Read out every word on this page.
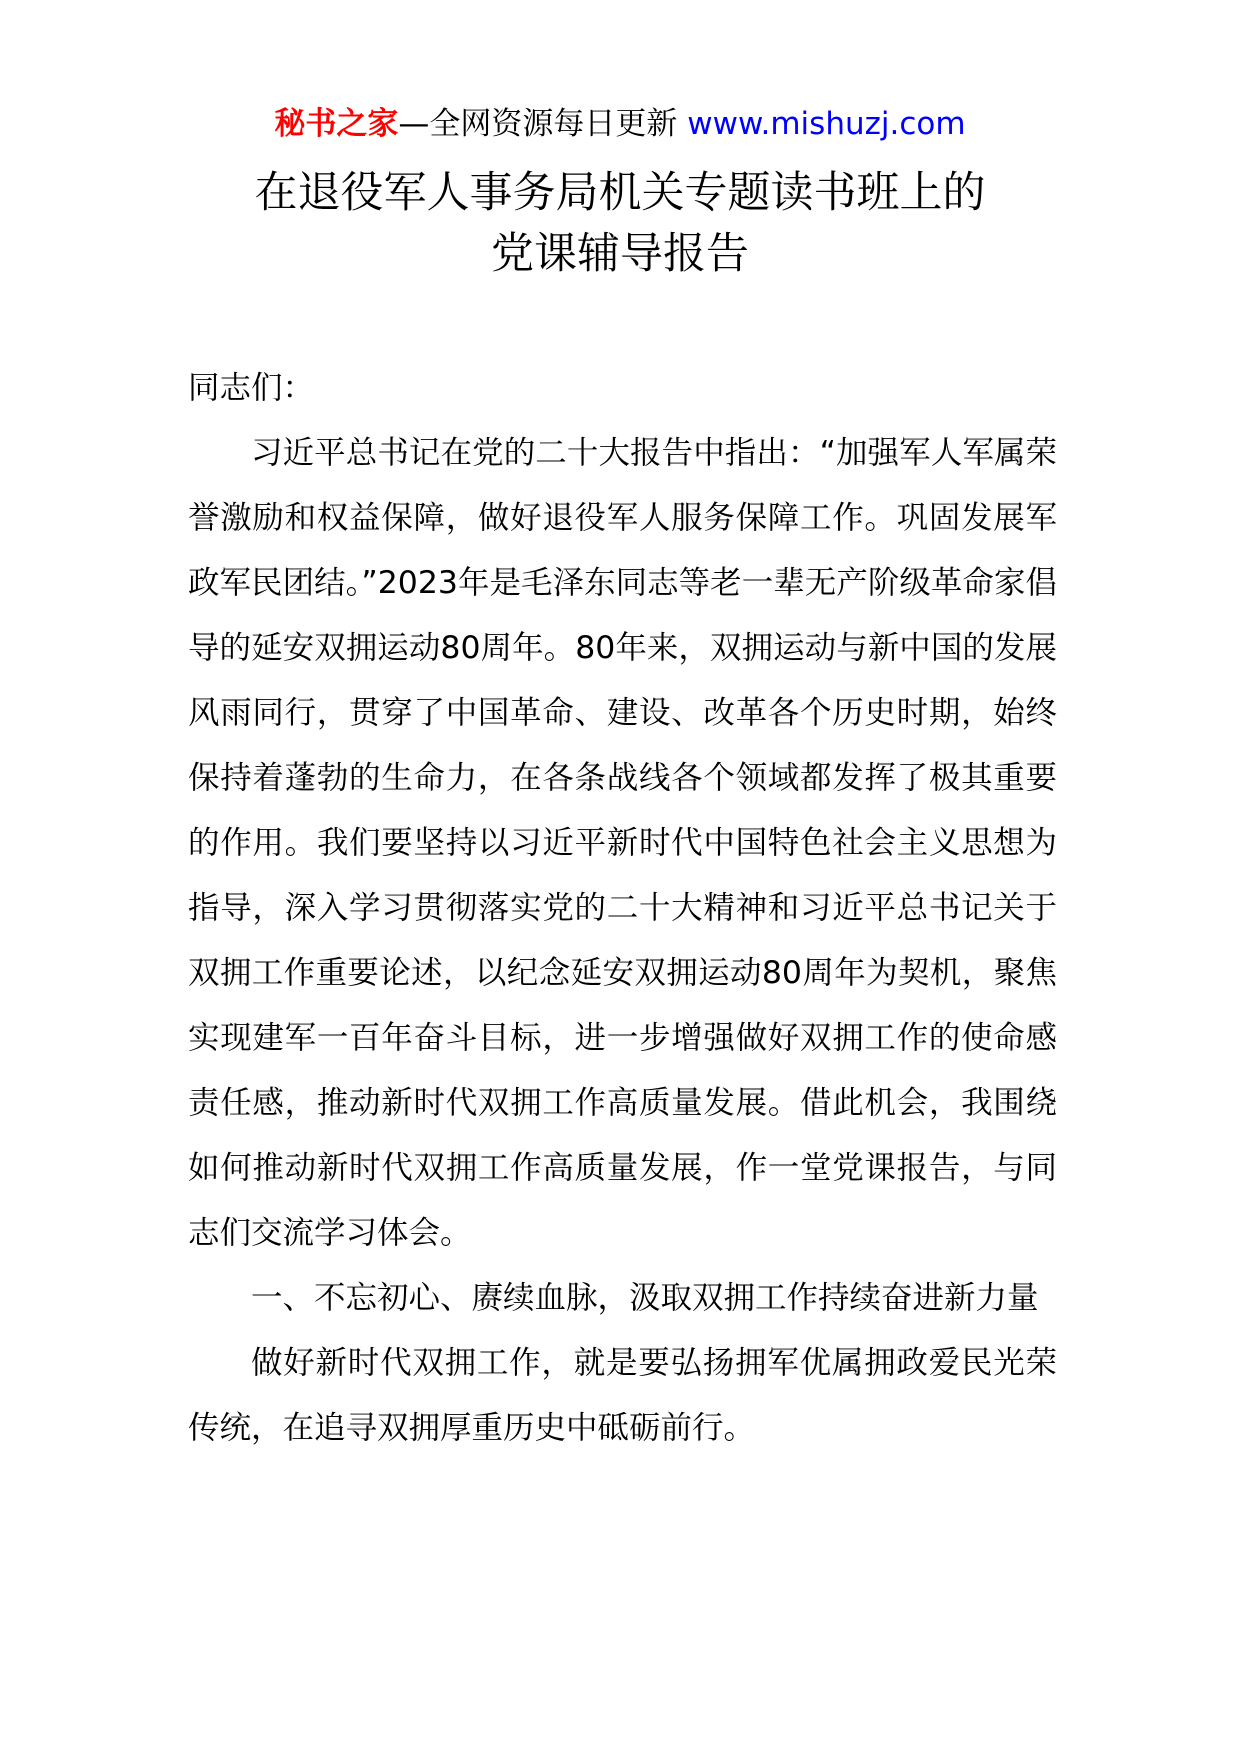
秘书之家—全网资源每日更新 www.mishuzj.com
在退役军人事务局机关专题读书班上的
党课辅导报告

同志们：

习近平总书记在党的二十大报告中指出：“加强军人军属荣誉激励和权益保障，做好退役军人服务保障工作。巩固发展军政军民团结。”2023年是毛泽东同志等老一辈无产阶级革命家倡导的延安双拥运动80周年。80年来，双拥运动与新中国的发展风雨同行，贯穿了中国革命、建设、改革各个历史时期，始终保持着蓬勃的生命力，在各条战线各个领域都发挥了极其重要的作用。我们要坚持以习近平新时代中国特色社会主义思想为指导，深入学习贯彻落实党的二十大精神和习近平总书记关于双拥工作重要论述，以纪念延安双拥运动80周年为契机，聚焦实现建军一百年奋斗目标，进一步增强做好双拥工作的使命感责任感，推动新时代双拥工作高质量发展。借此机会，我围绕如何推动新时代双拥工作高质量发展，作一堂党课报告，与同志们交流学习体会。

一、不忘初心、赓续血脉，汲取双拥工作持续奋进新力量

做好新时代双拥工作，就是要弘扬拥军优属拥政爱民光荣传统，在追寻双拥厚重历史中砥砺前行。
